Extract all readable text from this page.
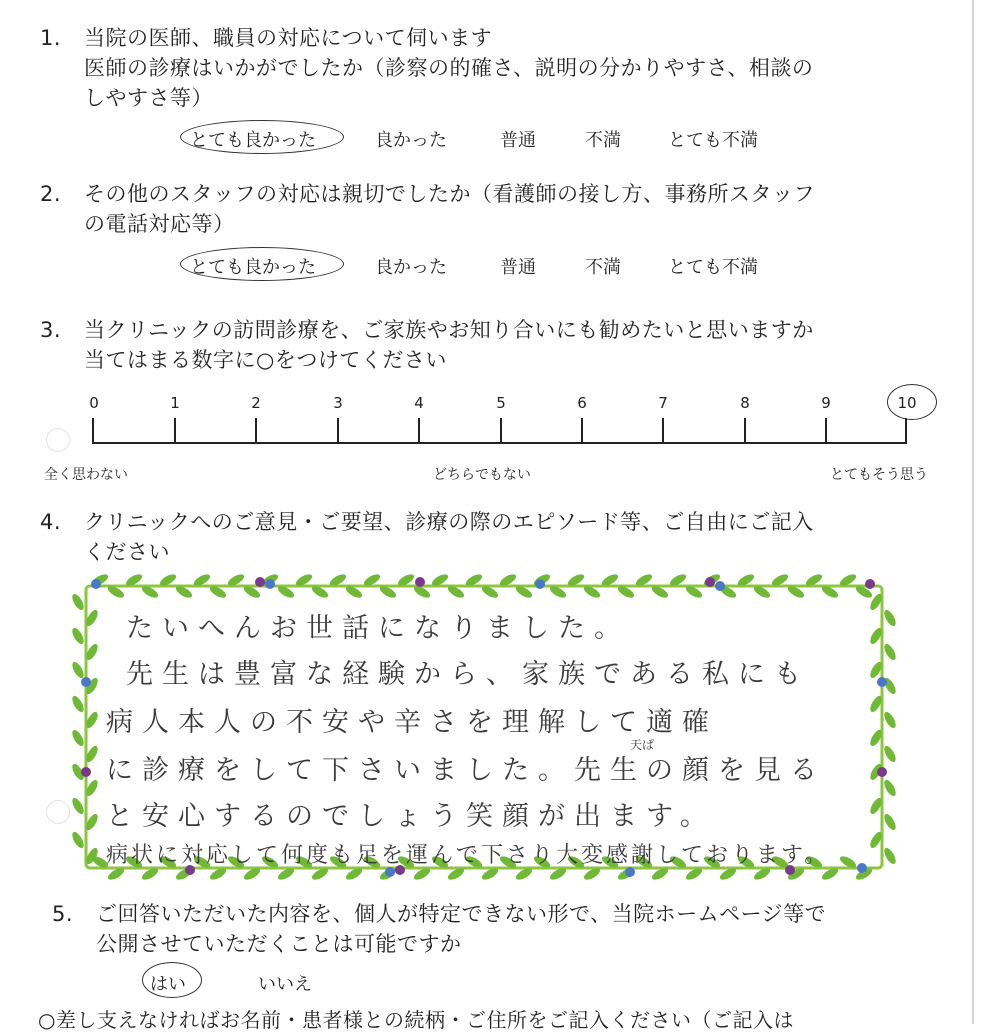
1. 当院の医師、職員の対応について伺います
医師の診療はいかがでしたか（診察の的確さ、説明の分かりやすさ、相談の
しやすさ等）
とても良かった	良かった	普通	不満	とても不満
2. その他のスタッフの対応は親切でしたか（看護師の接し方、事務所スタッフ
の電話対応等）
とても良かった	良かった	普通	不満	とても不満
3. 当クリニックの訪問診療を、ご家族やお知り合いにも勧めたいと思いますか
当てはまる数字に○をつけてください
0	1	2	3	4	5	6	7	8	9	10
全く思わない	どちらでもない	とてもそう思う
4. クリニックへのご意見・ご要望、診療の際のエピソード等、ご自由にご記入
ください
たいへんお世話になりました。
先生は豊富な経験から、家族である私にも
病人本人の不安や辛さを理解して適確
に診療をして下さいました。先生の顔を見る
と安心するのでしょう笑顔が出ます。
病状に対応して何度も足を運んで下さり大変感謝しております。
天ぱ
5. ご回答いただいた内容を、個人が特定できない形で、当院ホームページ等で
公開させていただくことは可能ですか
はい	いいえ
○差し支えなければお名前・患者様との続柄・ご住所をご記入ください（ご記入は
